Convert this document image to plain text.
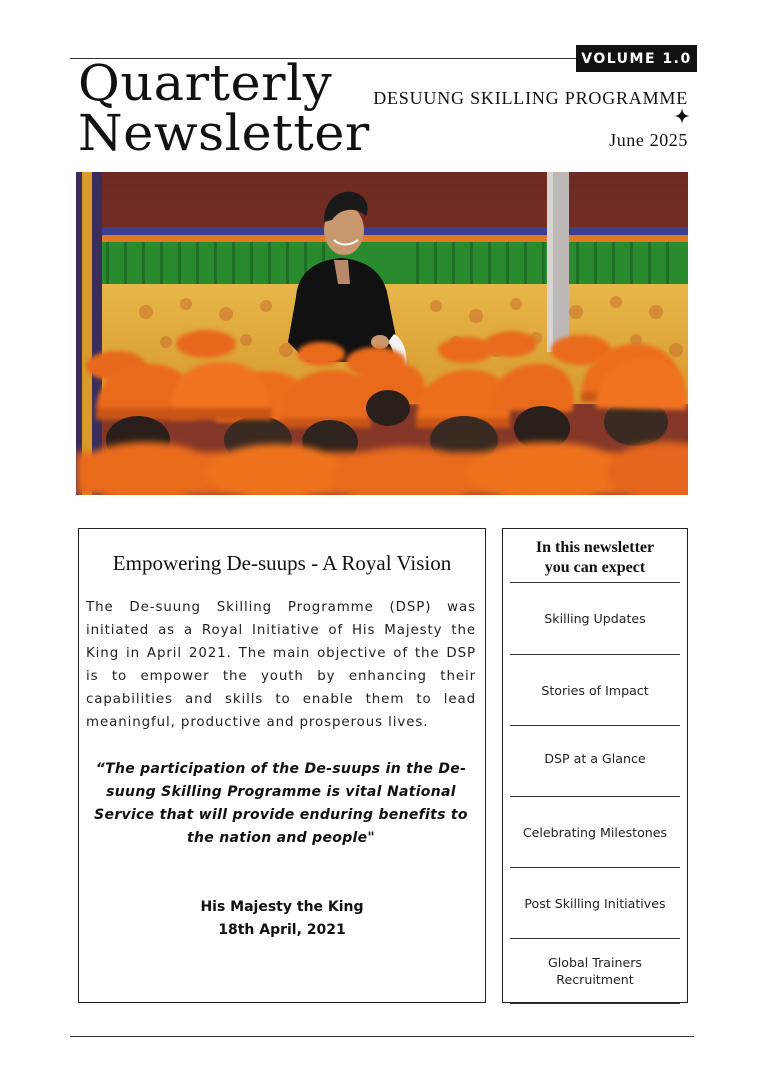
VOLUME 1.0
Quarterly
Newsletter
DESUUNG SKILLING PROGRAMME
June 2025
Empowering De-suups - A Royal Vision

The De-suung Skilling Programme (DSP) was initiated as a Royal Initiative of His Majesty the King in April 2021. The main objective of the DSP is to empower the youth by enhancing their capabilities and skills to enable them to lead meaningful, productive and prosperous lives.

“The participation of the De-suups in the De-suung Skilling Programme is vital National Service that will provide enduring benefits to the nation and people"

His Majesty the King
18th April, 2021
In this newsletter
you can expect
Skilling Updates
Stories of Impact
DSP at a Glance
Celebrating Milestones
Post Skilling Initiatives
Global Trainers Recruitment
